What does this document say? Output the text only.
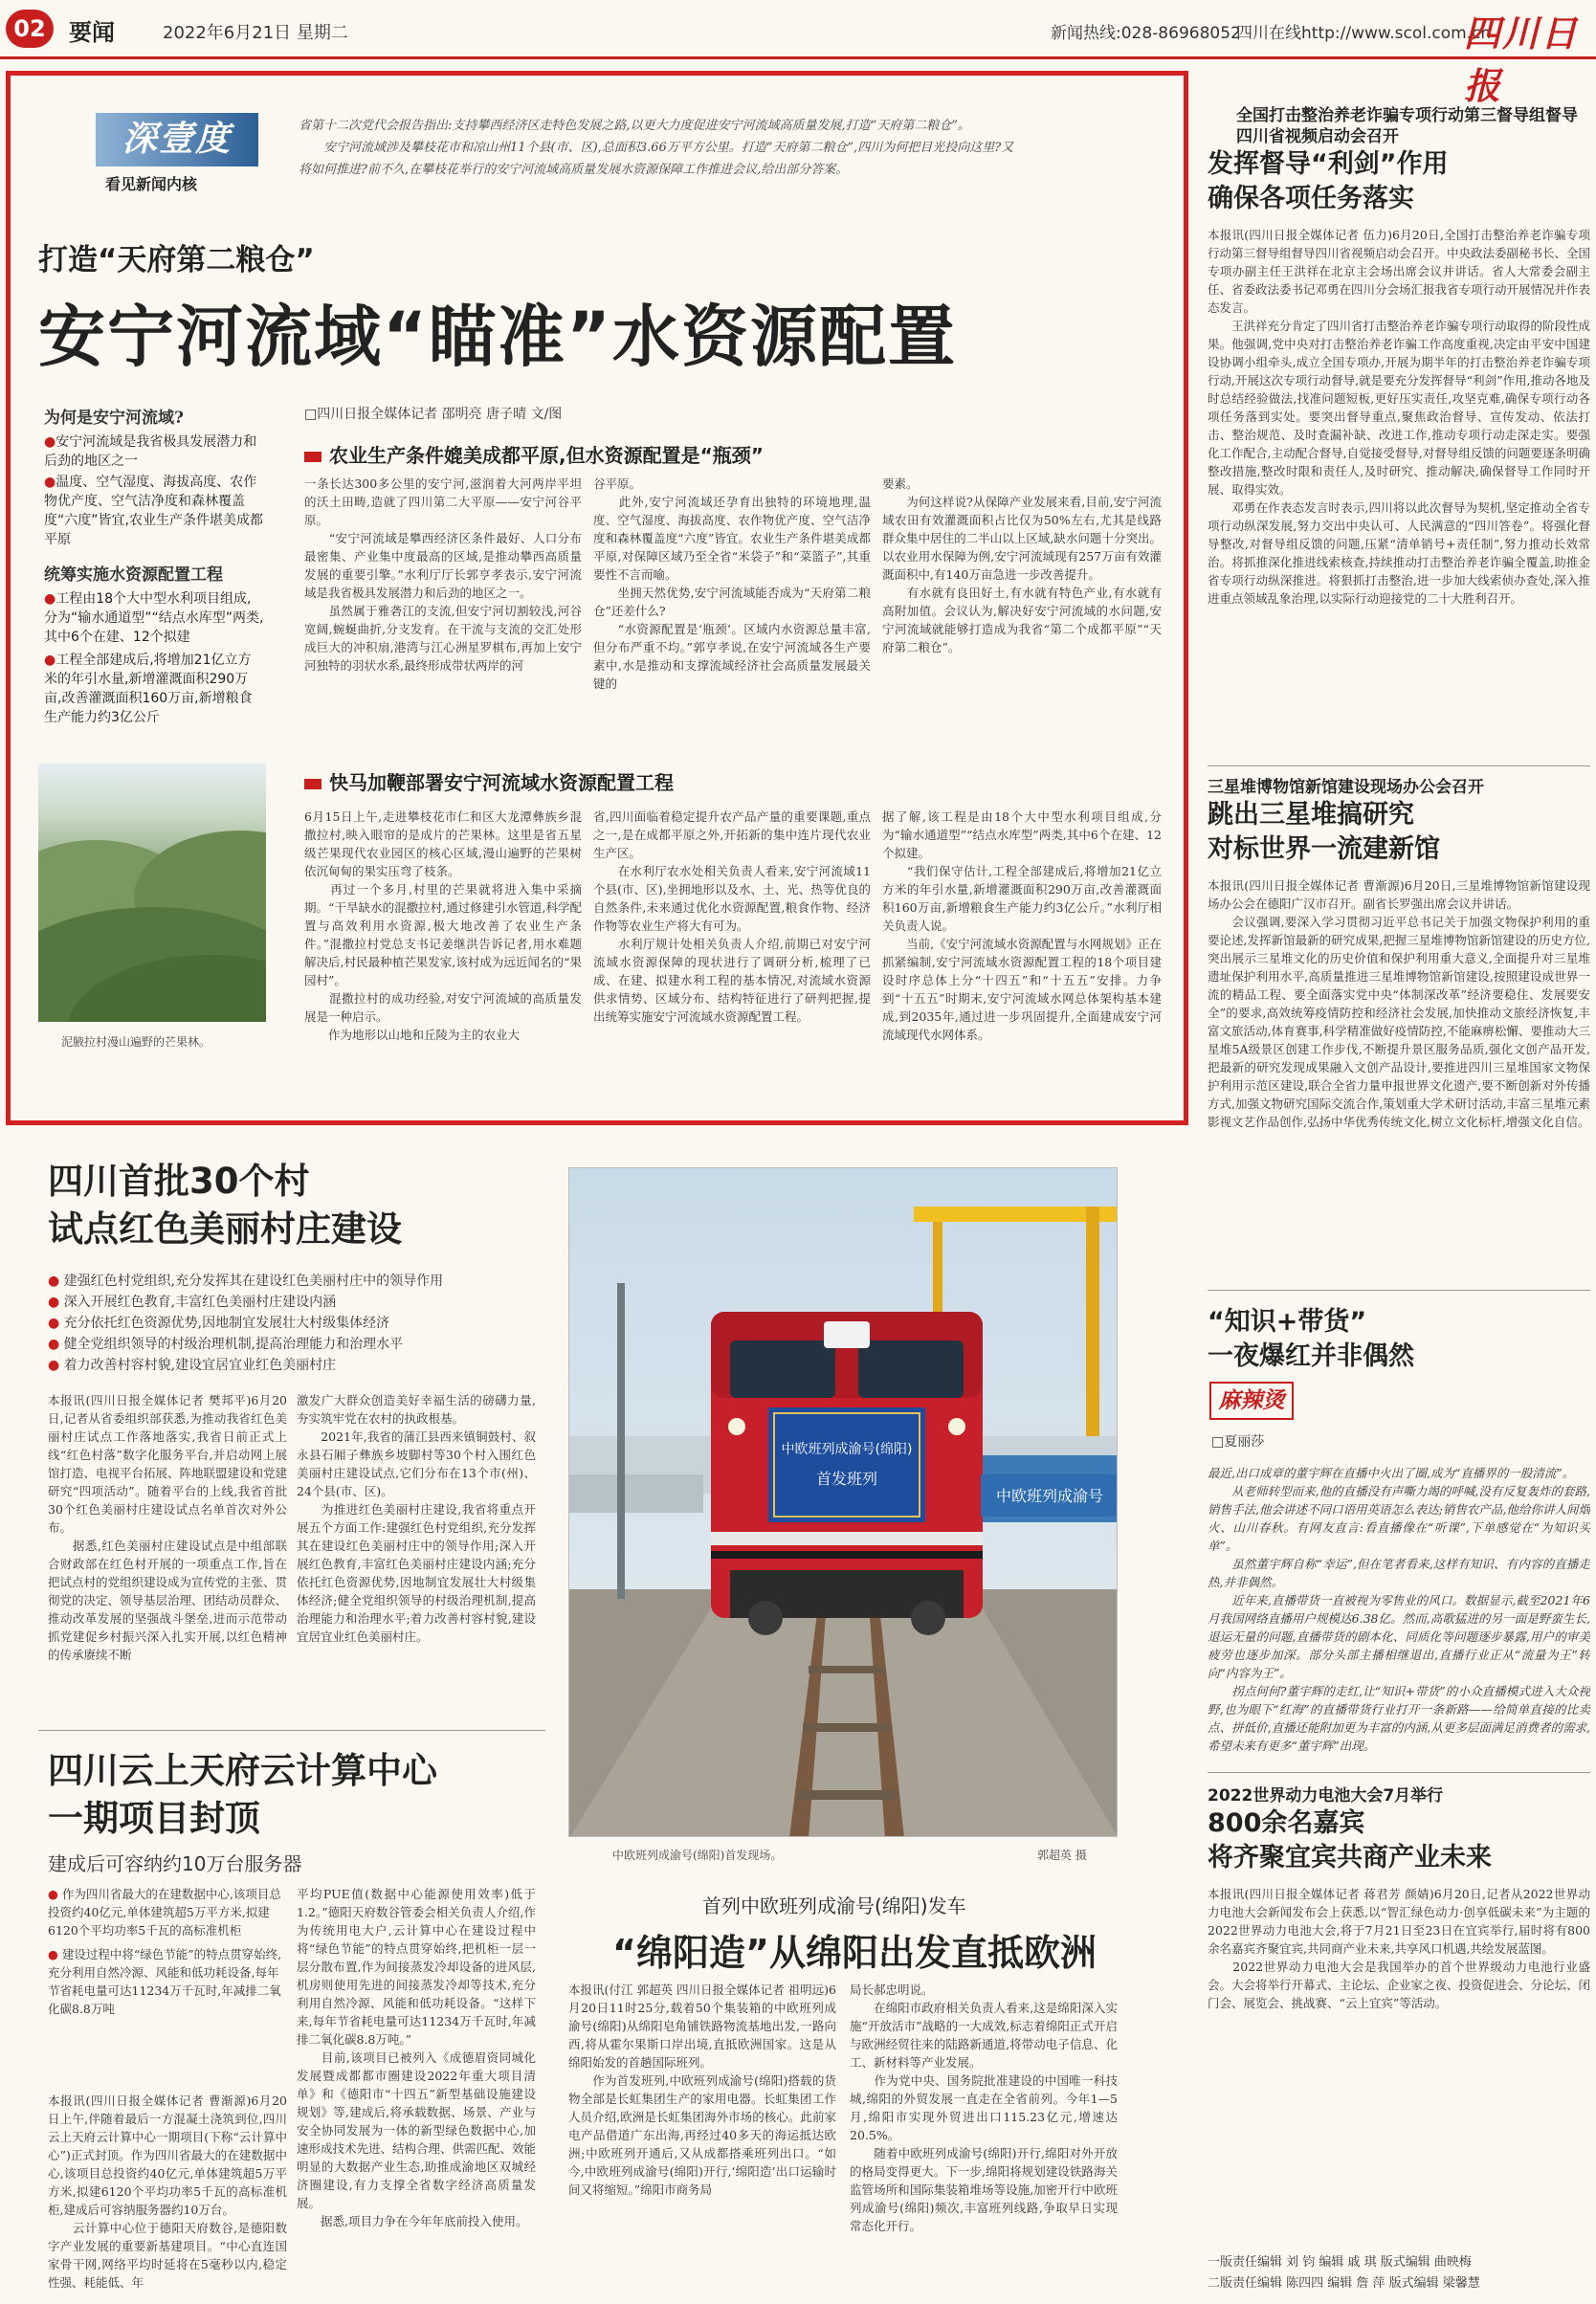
02	要闻	2022年6月21日 星期二	新闻热线:028-86968052
四川在线http://www.scol.com.cn
四川日报
深壹度
看见新闻内核
省第十二次党代会报告指出:支持攀西经济区走特色发展之路,以更大力度促进安宁河流域高质量发展,打造“天府第二粮仓”。
安宁河流域涉及攀枝花市和凉山州11个县(市、区),总面积3.66万平方公里。打造“天府第二粮仓”,四川为何把目光投向这里?又将如何推进?前不久,在攀枝花举行的安宁河流域高质量发展水资源保障工作推进会议,给出部分答案。
打造“天府第二粮仓”
安宁河流域“瞄准”水资源配置
为何是安宁河流域?
●安宁河流域是我省极具发展潜力和后劲的地区之一
●温度、空气湿度、海拔高度、农作物优产度、空气洁净度和森林覆盖度“六度”皆宜,农业生产条件堪美成都平原
统筹实施水资源配置工程
●工程由18个大中型水利项目组成,分为“输水通道型”“结点水库型”两类,其中6个在建、12个拟建
●工程全部建成后,将增加21亿立方米的年引水量,新增灌溉面积290万亩,改善灌溉面积160万亩,新增粮食生产能力约3亿公斤
泥腋拉村漫山遍野的芒果林。
□四川日报全媒体记者 邵明亮 唐子晴 文/图
农业生产条件媲美成都平原,但水资源配置是“瓶颈”
一条长达300多公里的安宁河,滋润着大河两岸平坦的沃土田畴,造就了四川第二大平原——安宁河谷平原。
　　“安宁河流域是攀西经济区条件最好、人口分布最密集、产业集中度最高的区域,是推动攀西高质量发展的重要引擎。”水利厅厅长郭亨孝表示,安宁河流域是我省极具发展潜力和后劲的地区之一。
　　虽然属于雅砻江的支流,但安宁河切割较浅,河谷宽阔,蜿蜒曲折,分支发育。在干流与支流的交汇处形成巨大的冲积扇,港湾与江心洲星罗棋布,再加上安宁河独特的羽状水系,最终形成带状两岸的河
谷平原。
　　此外,安宁河流域还孕育出独特的环境地理,温度、空气湿度、海拔高度、农作物优产度、空气洁净度和森林覆盖度“六度”皆宜。农业生产条件堪美成都平原,对保障区域乃至全省“米袋子”和“菜篮子”,其重要性不言而喻。
　　坐拥天然优势,安宁河流域能否成为“天府第二粮仓”还差什么?
　　“水资源配置是‘瓶颈’。区域内水资源总量丰富,但分布严重不均。”郭亨孝说,在安宁河流域各生产要素中,水是推动和支撑流域经济社会高质量发展最关键的
要素。
　　为何这样说?从保障产业发展来看,目前,安宁河流域农田有效灌溉面积占比仅为50%左右,尤其是线路群众集中居住的二半山以上区域,缺水问题十分突出。以农业用水保障为例,安宁河流域现有257万亩有效灌溉面积中,有140万亩急进一步改善提升。
　　有水就有良田好土,有水就有特色产业,有水就有高附加值。会议认为,解决好安宁河流域的水问题,安宁河流域就能够打造成为我省“第二个成都平原”“天府第二粮仓”。
快马加鞭部署安宁河流域水资源配置工程
6月15日上午,走进攀枝花市仁和区大龙潭彝族乡混撒拉村,映入眼帘的是成片的芒果林。这里是省五星级芒果现代农业园区的核心区域,漫山遍野的芒果树依沉甸甸的果实压弯了枝条。
　　再过一个多月,村里的芒果就将进入集中采摘期。“干旱缺水的混撒拉村,通过修建引水管道,科学配置与高效利用水资源,极大地改善了农业生产条件。”混撒拉村党总支书记姜继洪告诉记者,用水难题解决后,村民最种植芒果发家,该村成为远近闻名的“果园村”。
　　混撒拉村的成功经验,对安宁河流域的高质量发展是一种启示。
　　作为地形以山地和丘陵为主的农业大
省,四川面临着稳定提升农产品产量的重要课题,重点之一,是在成都平原之外,开拓新的集中连片现代农业生产区。
　　在水利厅农水处相关负责人看来,安宁河流域11个县(市、区),坐拥地形以及水、土、光、热等优良的自然条件,未来通过优化水资源配置,粮食作物、经济作物等农业生产将大有可为。
　　水利厅规计处相关负责人介绍,前期已对安宁河流域水资源保障的现状进行了调研分析,梳理了已成、在建、拟建水利工程的基本情况,对流域水资源供求情势、区域分布、结构特征进行了研判把握,提出统筹实施安宁河流域水资源配置工程。
据了解,该工程是由18个大中型水利项目组成,分为“输水通道型”“结点水库型”两类,其中6个在建、12个拟建。
　　“我们保守估计,工程全部建成后,将增加21亿立方米的年引水量,新增灌溉面积290万亩,改善灌溉面积160万亩,新增粮食生产能力约3亿公斤。”水利厅相关负责人说。
　　当前,《安宁河流域水资源配置与水网规划》正在抓紧编制,安宁河流域水资源配置工程的18个项目建设时序总体上分“十四五”和“十五五”安排。力争到“十五五”时期末,安宁河流域水网总体架构基本建成,到2035年,通过进一步巩固提升,全面建成安宁河流域现代水网体系。
全国打击整治养老诈骗专项行动第三督导组督导四川省视频启动会召开
发挥督导“利剑”作用
确保各项任务落实
本报讯(四川日报全媒体记者 伍力)6月20日,全国打击整治养老诈骗专项行动第三督导组督导四川省视频启动会召开。中央政法委副秘书长、全国专项办副主任王洪祥在北京主会场出席会议并讲话。省人大常委会副主任、省委政法委书记邓勇在四川分会场汇报我省专项行动开展情况并作表态发言。
　　王洪祥充分肯定了四川省打击整治养老诈骗专项行动取得的阶段性成果。他强调,党中央对打击整治养老诈骗工作高度重视,决定由平安中国建设协调小组牵头,成立全国专项办,开展为期半年的打击整治养老诈骗专项行动,开展这次专项行动督导,就是要充分发挥督导“利剑”作用,推动各地及时总结经验做法,找准问题短板,更好压实责任,攻坚克难,确保专项行动各项任务落到实处。要突出督导重点,聚焦政治督导、宣传发动、依法打击、整治规范、及时查漏补缺、改进工作,推动专项行动走深走实。要强化工作配合,主动配合督导,自觉接受督导,对督导组反馈的问题要逐条明确整改措施,整改时限和责任人,及时研究、推动解决,确保督导工作同时开展、取得实效。
　　邓勇在作表态发言时表示,四川将以此次督导为契机,坚定推动全省专项行动纵深发展,努力交出中央认可、人民满意的“四川答卷”。将强化督导整改,对督导组反馈的问题,压紧“清单销号+责任制”,努力推动长效常治。将抓推深化推进线索核查,持续推动打击整治养老诈骗全覆盖,助推金省专项行动纵深推进。将狠抓打击整治,进一步加大线索侦办查处,深入推进重点领域乱象治理,以实际行动迎接党的二十大胜利召开。
三星堆博物馆新馆建设现场办公会召开
跳出三星堆搞研究
对标世界一流建新馆
本报讯(四川日报全媒体记者 曹渐源)6月20日,三星堆博物馆新馆建设现场办公会在德阳广汉市召开。副省长罗强出席会议并讲话。
　　会议强调,要深入学习贯彻习近平总书记关于加强文物保护利用的重要论述,发挥新馆最新的研究成果,把握三星堆博物馆新馆建设的历史方位,突出展示三星堆文化的历史价值和保护利用重大意义,全面提升对三星堆遗址保护利用水平,高质量推进三星堆博物馆新馆建设,按照建设成世界一流的精品工程、要全面落实党中央“体制深改革”经济要稳住、发展要安全”的要求,高效统筹疫情防控和经济社会发展,加快推动文旅经济恢复,丰富文旅活动,体育赛事,科学精准做好疫情防控,不能麻痹松懈、要推动大三星堆5A级景区创建工作步伐,不断提升景区服务品质,强化文创产品开发,把最新的研究发现成果融入文创产品设计,要推进四川三星堆国家文物保护利用示范区建设,联合全省力量申报世界文化遗产,要不断创新对外传播方式,加强文物研究国际交流合作,策划重大学术研讨活动,丰富三星堆元素影视文艺作品创作,弘扬中华优秀传统文化,树立文化标杆,增强文化自信。
“知识+带货”
一夜爆红并非偶然
麻辣烫
□夏丽莎
最近,出口成章的董宇辉在直播中火出了圈,成为“直播界的一股清流”。
　　从老师转型而来,他的直播没有声嘶力竭的呼喊,没有反复轰炸的套路,销售手法,他会讲述不同口语用英语怎么表达;销售农产品,他给你讲人间烟火、山川春秋。有网友直言:看直播像在“听课”,下单感觉在“为知识买单”。
　　虽然董宇辉自称“幸运”,但在笔者看来,这样有知识、有内容的直播走热,并非偶然。
　　近年来,直播带货一直被视为零售业的风口。数据显示,截至2021年6月我国网络直播用户规模达6.38亿。然而,高歌猛进的另一面是野蛮生长,退运无量的问题,直播带货的剧本化、同质化等问题逐步暴露,用户的审美疲劳也逐步加深。部分头部主播相继退出,直播行业正从“流量为王”转向“内容为王”。
　　拐点何何?董宇辉的走红,让“知识+带货”的小众直播模式进入大众视野,也为眼下“红海”的直播带货行业打开一条新路——给简单直接的比卖点、拼低价,直播还能附加更为丰富的内涵,从更多层面满足消费者的需求,希望未来有更多“董宇辉”出现。
2022世界动力电池大会7月举行
800余名嘉宾
将齐聚宜宾共商产业未来
本报讯(四川日报全媒体记者 蒋君芳 颜婧)6月20日,记者从2022世界动力电池大会新闻发布会上获悉,以“智汇绿色动力·创享低碳未来”为主题的2022世界动力电池大会,将于7月21日至23日在宜宾举行,届时将有800余名嘉宾齐聚宜宾,共同商产业未来,共享风口机遇,共绘发展蓝图。
　　2022世界动力电池大会是我国举办的首个世界级动力电池行业盛会。大会将举行开幕式、主论坛、企业家之夜、投资促进会、分论坛、闭门会、展览会、挑战赛、“云上宜宾”等活动。
一版责任编辑 刘 钧 编辑 戚 琪 版式编辑 曲映梅
二版责任编辑 陈四四 编辑 詹 萍 版式编辑 梁馨慧
四川首批30个村
试点红色美丽村庄建设
● 建强红色村党组织,充分发挥其在建设红色美丽村庄中的领导作用
● 深入开展红色教育,丰富红色美丽村庄建设内涵
● 充分依托红色资源优势,因地制宜发展壮大村级集体经济
● 健全党组织领导的村级治理机制,提高治理能力和治理水平
● 着力改善村容村貌,建设宜居宜业红色美丽村庄
本报讯(四川日报全媒体记者 樊邦平)6月20日,记者从省委组织部获悉,为推动我省红色美丽村庄试点工作落地落实,我省日前正式上线“红色村落”数字化服务平台,并启动网上展馆打造、电视平台拓展、阵地联盟建设和党建研究“四项活动”。随着平台的上线,我省首批30个红色美丽村庄建设试点名单首次对外公布。
　　据悉,红色美丽村庄建设试点是中组部联合财政部在红色村开展的一项重点工作,旨在把试点村的党组织建设成为宣传党的主张、贯彻党的决定、领导基层治理、团结动员群众、推动改革发展的坚强战斗堡垒,进而示范带动抓党建促乡村振兴深入扎实开展,以红色精神的传承赓续不断
激发广大群众创造美好幸福生活的磅礴力量,夯实筑牢党在农村的执政根基。
　　2021年,我省的蒲江县西来镇铜鼓村、叙永县石厢子彝族乡坡脚村等30个村入围红色美丽村庄建设试点,它们分布在13个市(州)、24个县(市、区)。
　　为推进红色美丽村庄建设,我省将重点开展五个方面工作:建强红色村党组织,充分发挥其在建设红色美丽村庄中的领导作用;深入开展红色教育,丰富红色美丽村庄建设内涵;充分依托红色资源优势,因地制宜发展壮大村级集体经济;健全党组织领导的村级治理机制,提高治理能力和治理水平;着力改善村容村貌,建设宜居宜业红色美丽村庄。
四川云上天府云计算中心
一期项目封顶
建成后可容纳约10万台服务器
● 作为四川省最大的在建数据中心,该项目总投资约40亿元,单体建筑超5万平方米,拟建6120个平均功率5千瓦的高标准机柜
● 建设过程中将“绿色节能”的特点贯穿始终,充分利用自然冷源、风能和低功耗设备,每年节省耗电量可达11234万千瓦时,年减排二氧化碳8.8万吨
本报讯(四川日报全媒体记者 曹渐源)6月20日上午,伴随着最后一方混凝土浇筑到位,四川云上天府云计算中心一期项目(下称“云计算中心”)正式封顶。作为四川省最大的在建数据中心,该项目总投资约40亿元,单体建筑超5万平方米,拟建6120个平均功率5千瓦的高标准机柜,建成后可容纳服务器约10万台。
　　云计算中心位于德阳天府数谷,是德阳数字产业发展的重要新基建项目。“中心直连国家骨干网,网络平均时延将在5毫秒以内,稳定性强、耗能低、年
平均PUE值(数据中心能源使用效率)低于1.2。”德阳天府数谷管委会相关负责人介绍,作为传统用电大户,云计算中心在建设过程中将“绿色节能”的特点贯穿始终,把机柜一层一层分散布置,作为间接蒸发冷却设备的进风层,机房则使用先进的间接蒸发冷却等技术,充分利用自然冷源、风能和低功耗设备。“这样下来,每年节省耗电量可达11234万千瓦时,年减排二氧化碳8.8万吨。”
　　目前,该项目已被列入《成德眉资同城化发展暨成都都市圈建设2022年重大项目清单》和《德阳市“十四五”新型基础设施建设规划》等,建成后,将承载数据、场景、产业与安全协同发展为一体的新型绿色数据中心,加速形成技术先进、结构合理、供需匹配、效能明显的大数据产业生态,助推成渝地区双城经济圈建设,有力支撑全省数字经济高质量发展。
　　据悉,项目力争在今年年底前投入使用。
中欧班列成渝号
中欧班列成渝号(绵阳)
首发班列
中欧班列成渝号(绵阳)首发现场。	郭超英 摄
首列中欧班列成渝号(绵阳)发车
“绵阳造”从绵阳出发直抵欧洲
本报讯(付江 郭超英 四川日报全媒体记者 祖明远)6月20日11时25分,载着50个集装箱的中欧班列成渝号(绵阳)从绵阳皂角铺铁路物流基地出发,一路向西,将从霍尔果斯口岸出境,直抵欧洲国家。这是从绵阳始发的首趟国际班列。
　　作为首发班列,中欧班列成渝号(绵阳)搭载的货物全部是长虹集团生产的家用电器。长虹集团工作人员介绍,欧洲是长虹集团海外市场的核心。此前家电产品借道广东出海,再经过40多天的海运抵达欧洲;中欧班列开通后,又从成都搭乘班列出口。“如今,中欧班列成渝号(绵阳)开行,‘绵阳造’出口运输时间又将缩短。”绵阳市商务局
局长郝忠明说。
　　在绵阳市政府相关负责人看来,这是绵阳深入实施“开放活市”战略的一大成效,标志着绵阳正式开启与欧洲经贸往来的陆路新通道,将带动电子信息、化工、新材料等产业发展。
　　作为党中央、国务院批准建设的中国唯一科技城,绵阳的外贸发展一直走在全省前列。今年1—5月,绵阳市实现外贸进出口115.23亿元,增速达20.5%。
　　随着中欧班列成渝号(绵阳)开行,绵阳对外开放的格局变得更大。下一步,绵阳将规划建设铁路海关监管场所和国际集装箱堆场等设施,加密开行中欧班列成渝号(绵阳)频次,丰富班列线路,争取早日实现常态化开行。
